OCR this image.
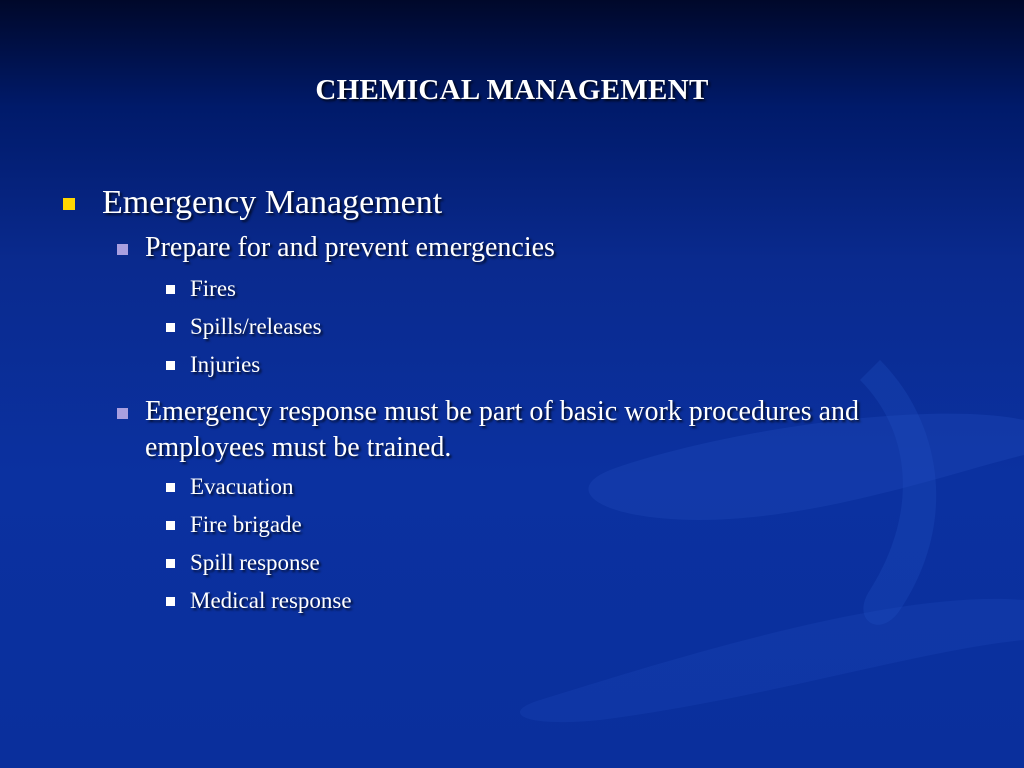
CHEMICAL MANAGEMENT
Emergency Management
Prepare for and prevent emergencies
Fires
Spills/releases
Injuries
Emergency response must be part of basic work procedures and employees must be trained.
Evacuation
Fire brigade
Spill response
Medical response
